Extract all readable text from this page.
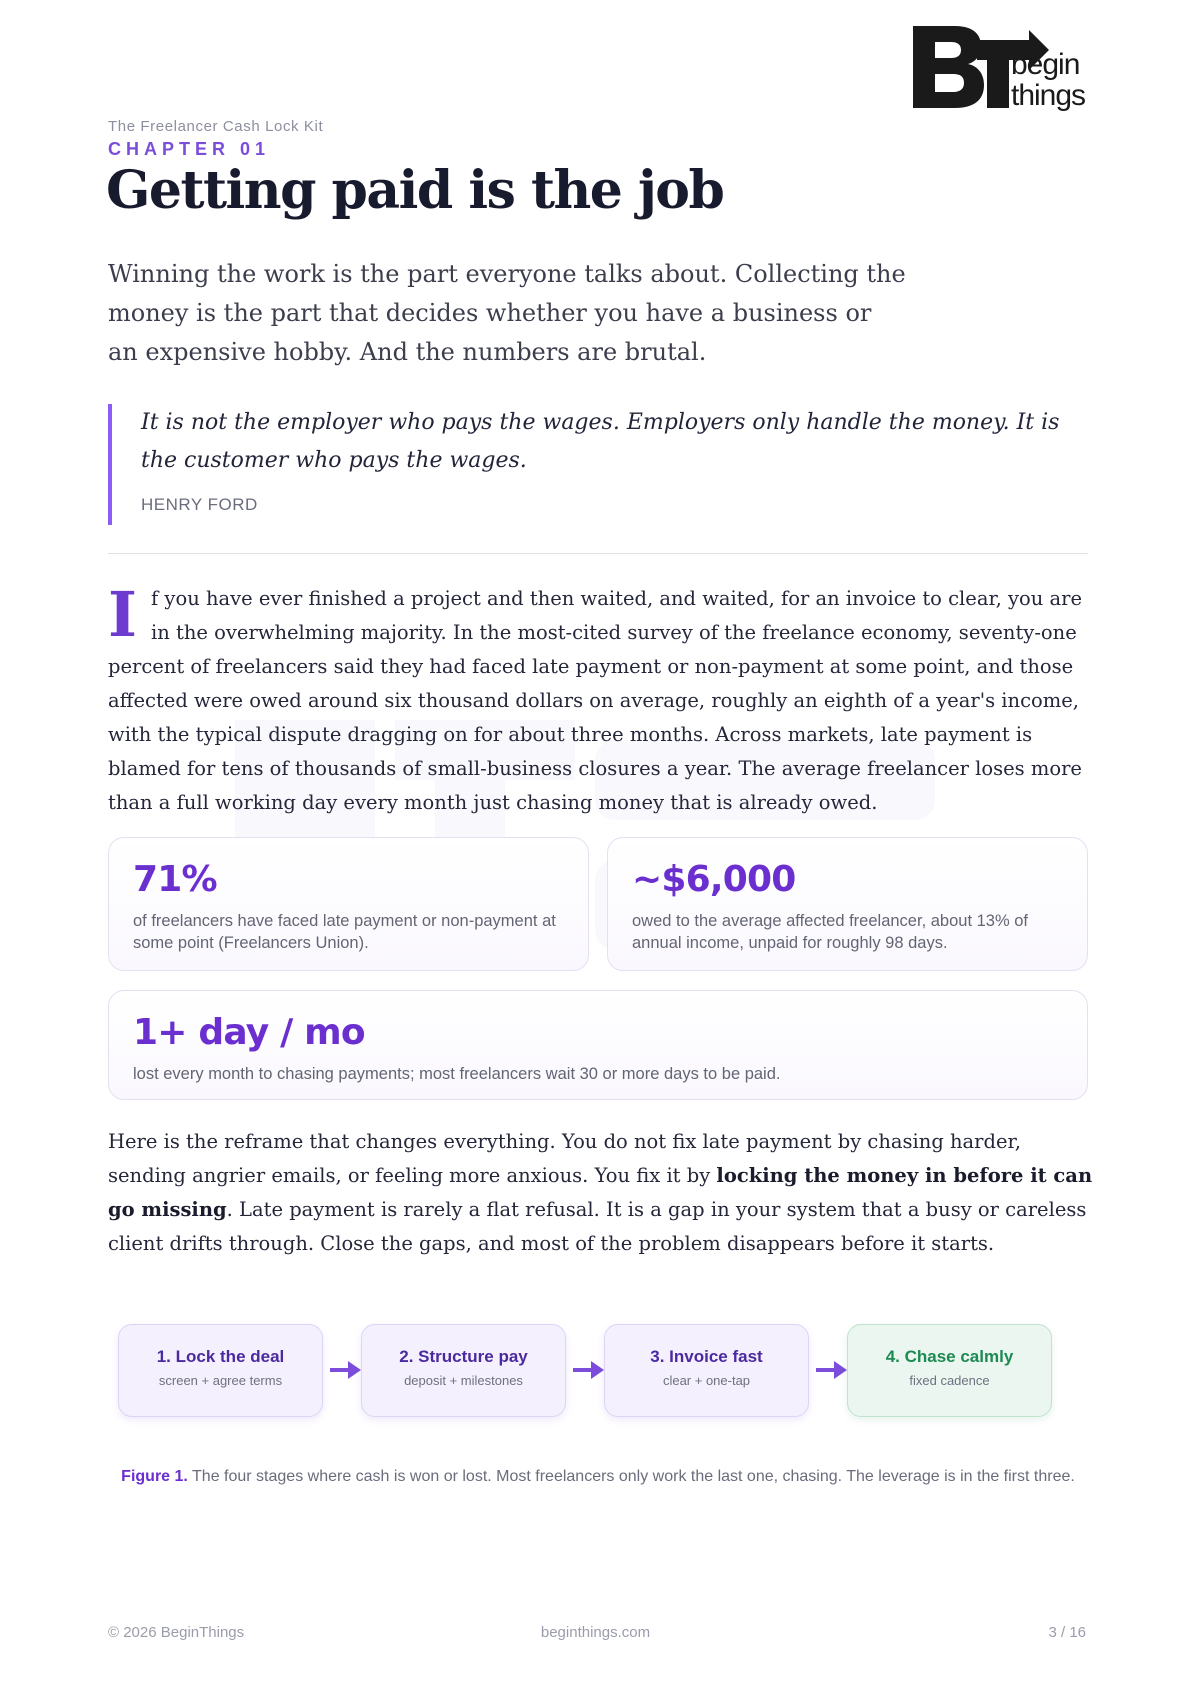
begin
things
The Freelancer Cash Lock Kit
CHAPTER 01
Getting paid is the job

Winning the work is the part everyone talks about. Collecting the money is the part that decides whether you have a business or an expensive hobby. And the numbers are brutal.

It is not the employer who pays the wages. Employers only handle the money. It is the customer who pays the wages.
HENRY FORD
If you have ever finished a project and then waited, and waited, for an invoice to clear, you are in the overwhelming majority. In the most-cited survey of the freelance economy, seventy-one percent of freelancers said they had faced late payment or non-payment at some point, and those affected were owed around six thousand dollars on average, roughly an eighth of a year's income, with the typical dispute dragging on for about three months. Across markets, late payment is blamed for tens of thousands of small-business closures a year. The average freelancer loses more than a full working day every month just chasing money that is already owed.
71%
of freelancers have faced late payment or non-payment at some point (Freelancers Union).
~$6,000
owed to the average affected freelancer, about 13% of annual income, unpaid for roughly 98 days.
1+ day / mo
lost every month to chasing payments; most freelancers wait 30 or more days to be paid.
Here is the reframe that changes everything. You do not fix late payment by chasing harder, sending angrier emails, or feeling more anxious. You fix it by locking the money in before it can go missing. Late payment is rarely a flat refusal. It is a gap in your system that a busy or careless client drifts through. Close the gaps, and most of the problem disappears before it starts.
1. Lock the deal
screen + agree terms
2. Structure pay
deposit + milestones
3. Invoice fast
clear + one-tap
4. Chase calmly
fixed cadence
Figure 1. The four stages where cash is won or lost. Most freelancers only work the last one, chasing. The leverage is in the first three.
beginthings.com
© 2026 BeginThings	3 / 16
